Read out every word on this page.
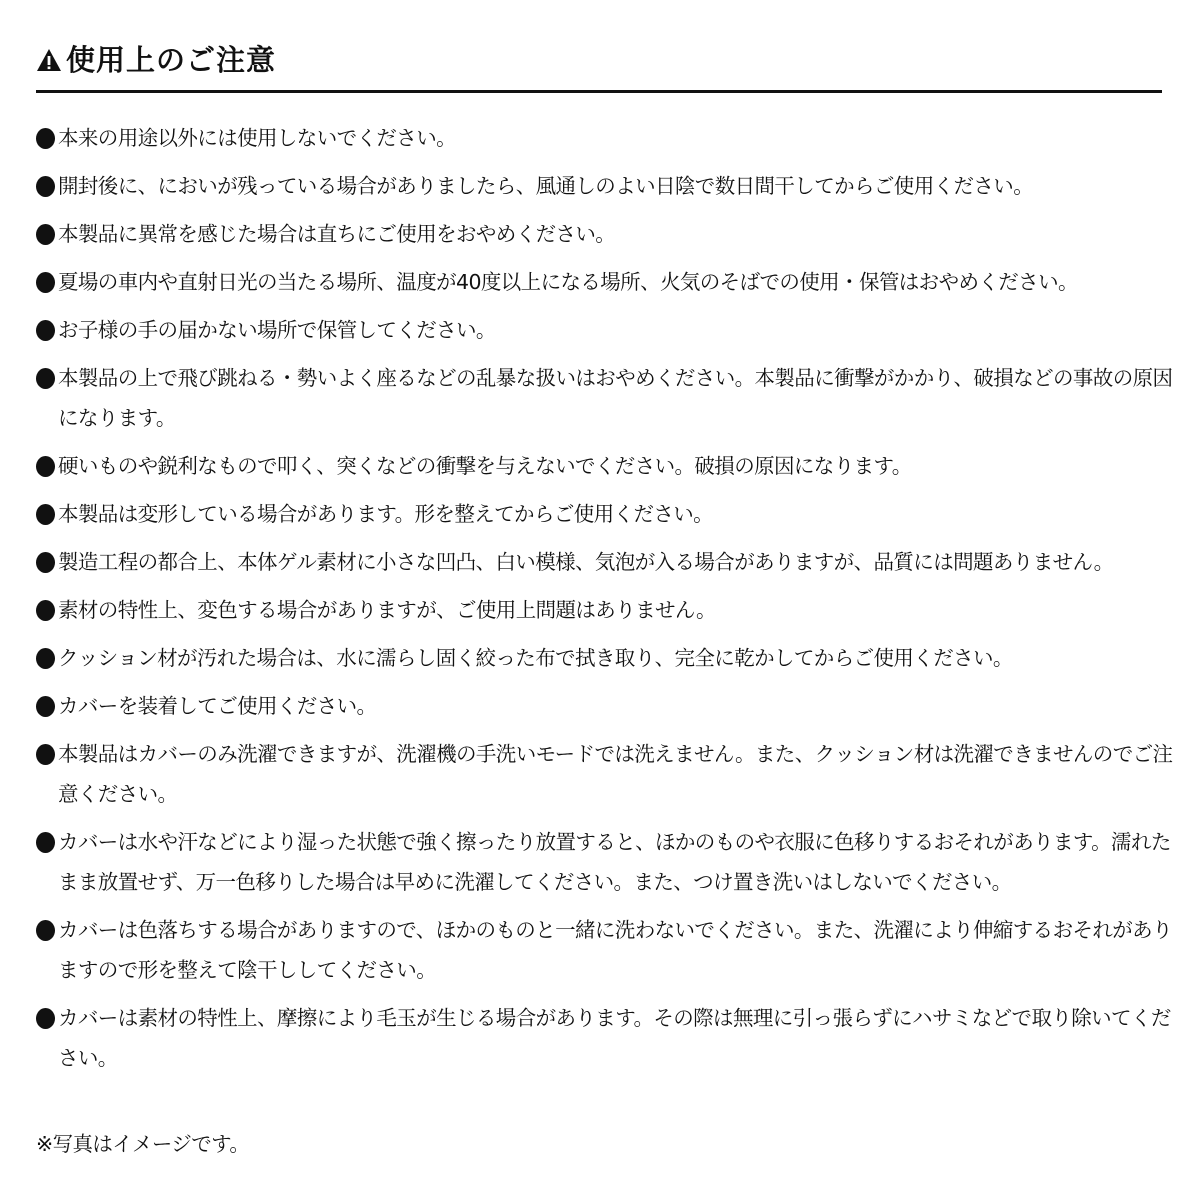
使用上のご注意
本来の用途以外には使用しないでください。
開封後に、においが残っている場合がありましたら、風通しのよい日陰で数日間干してからご使用ください。
本製品に異常を感じた場合は直ちにご使用をおやめください。
夏場の車内や直射日光の当たる場所、温度が40度以上になる場所、火気のそばでの使用・保管はおやめください。
お子様の手の届かない場所で保管してください。
本製品の上で飛び跳ねる・勢いよく座るなどの乱暴な扱いはおやめください。本製品に衝撃がかかり、破損などの事故の原因になります。
硬いものや鋭利なもので叩く、突くなどの衝撃を与えないでください。破損の原因になります。
本製品は変形している場合があります。形を整えてからご使用ください。
製造工程の都合上、本体ゲル素材に小さな凹凸、白い模様、気泡が入る場合がありますが、品質には問題ありません。
素材の特性上、変色する場合がありますが、ご使用上問題はありません。
クッション材が汚れた場合は、水に濡らし固く絞った布で拭き取り、完全に乾かしてからご使用ください。
カバーを装着してご使用ください。
本製品はカバーのみ洗濯できますが、洗濯機の手洗いモードでは洗えません。また、クッション材は洗濯できませんのでご注意ください。
カバーは水や汗などにより湿った状態で強く擦ったり放置すると、ほかのものや衣服に色移りするおそれがあります。濡れたまま放置せず、万一色移りした場合は早めに洗濯してください。また、つけ置き洗いはしないでください。
カバーは色落ちする場合がありますので、ほかのものと一緒に洗わないでください。また、洗濯により伸縮するおそれがありますので形を整えて陰干ししてください。
カバーは素材の特性上、摩擦により毛玉が生じる場合があります。その際は無理に引っ張らずにハサミなどで取り除いてください。
※写真はイメージです。
